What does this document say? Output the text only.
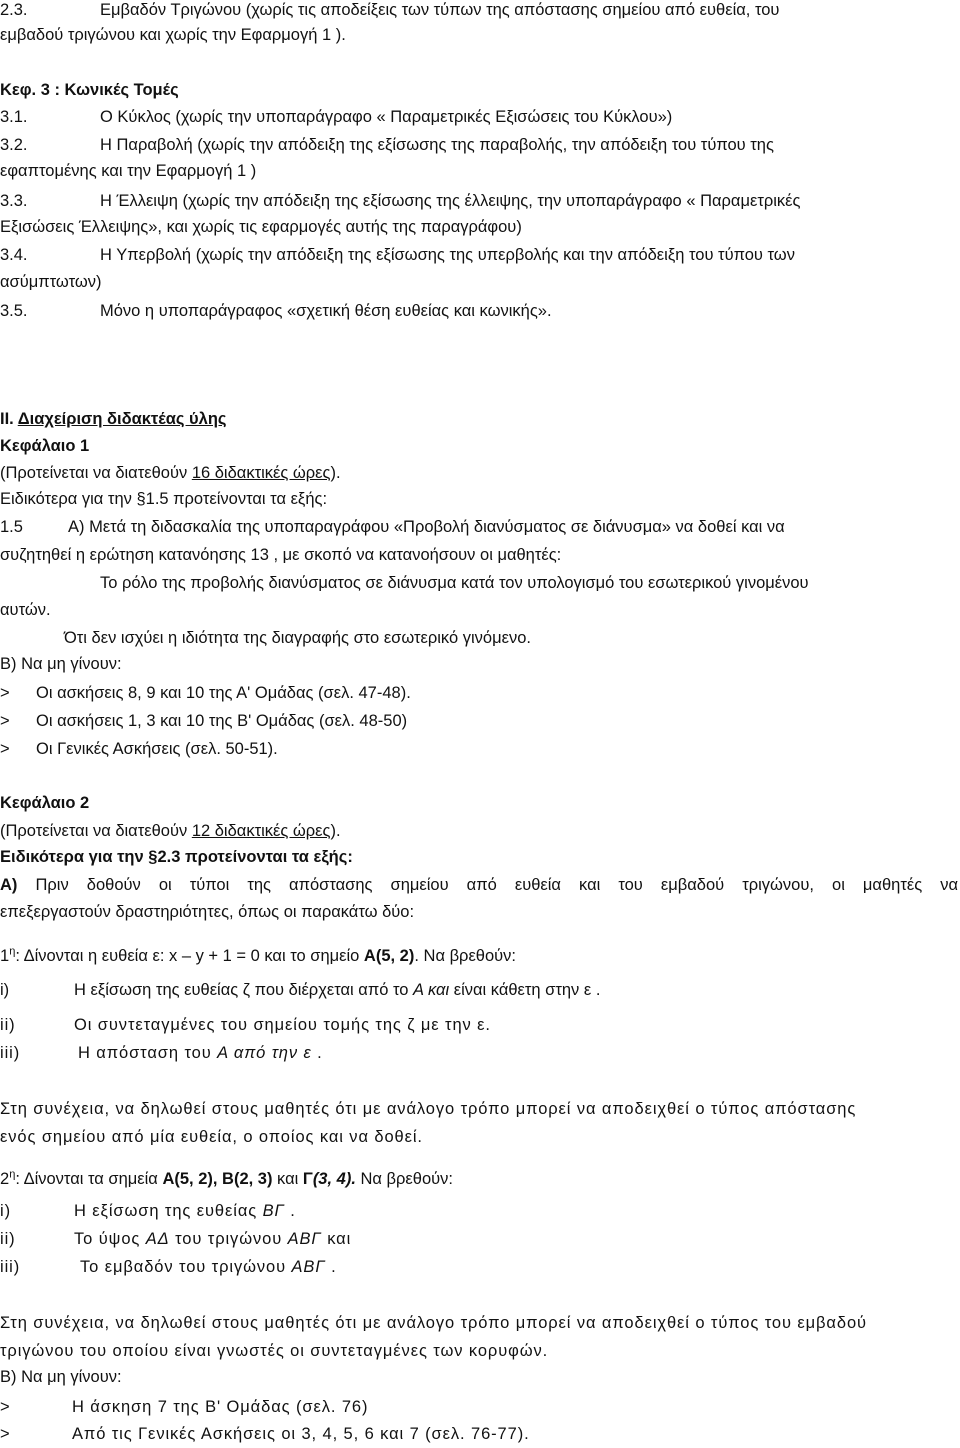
2.3.	Εμβαδόν Τριγώνου (χωρίς τις αποδείξεις των τύπων της απόστασης σημείου από ευθεία, του
εμβαδού τριγώνου και χωρίς την Εφαρμογή 1 ).
Κεφ. 3 : Κωνικές Τομές
3.1.	Ο Κύκλος (χωρίς την υποπαράγραφο « Παραμετρικές Εξισώσεις του Κύκλου»)
3.2.	Η Παραβολή (χωρίς την απόδειξη της εξίσωσης της παραβολής, την απόδειξη του τύπου της
εφαπτομένης και την Εφαρμογή 1 )
3.3.	Η Έλλειψη (χωρίς την απόδειξη της εξίσωσης της έλλειψης, την υποπαράγραφο « Παραμετρικές
Εξισώσεις Έλλειψης», και χωρίς τις εφαρμογές αυτής της παραγράφου)
3.4.	Η Υπερβολή (χωρίς την απόδειξη της εξίσωσης της υπερβολής και την απόδειξη του τύπου των
ασύμπτωτων)
3.5.	Μόνο η υποπαράγραφος «σχετική θέση ευθείας και κωνικής».
ΙΙ. Διαχείριση διδακτέας ύλης
Κεφάλαιο 1
(Προτείνεται να διατεθούν 16 διδακτικές ώρες).
Ειδικότερα για την §1.5 προτείνονται τα εξής:
1.5	Α) Μετά τη διδασκαλία της υποπαραγράφου «Προβολή διανύσματος σε διάνυσμα» να δοθεί και να
συζητηθεί η ερώτηση κατανόησης 13 , με σκοπό να κατανοήσουν οι μαθητές:
Το ρόλο της προβολής διανύσματος σε διάνυσμα κατά τον υπολογισμό του εσωτερικού γινομένου
αυτών.
Ότι δεν ισχύει η ιδιότητα της διαγραφής στο εσωτερικό γινόμενο.
Β) Να μη γίνουν:
> Οι ασκήσεις 8, 9 και 10 της Α' Ομάδας (σελ. 47-48).
> Οι ασκήσεις 1, 3 και 10 της Β' Ομάδας (σελ. 48-50)
> Οι Γενικές Ασκήσεις (σελ. 50-51).
Κεφάλαιο 2
(Προτείνεται να διατεθούν 12 διδακτικές ώρες).
Ειδικότερα για την §2.3 προτείνονται τα εξής:
Α) Πριν δοθούν οι τύποι της απόστασης σημείου από ευθεία και του εμβαδού τριγώνου, οι μαθητές να
επεξεργαστούν δραστηριότητες, όπως οι παρακάτω δύο:
$1^\eta$: Δίνονται η ευθεία ε: x – y + 1 = 0 και το σημείο Α(5, 2). Να βρεθούν:
i)	Η εξίσωση της ευθείας ζ που διέρχεται από το Α και είναι κάθετη στην ε .
ii)	Οι συντεταγμένες του σημείου τομής της ζ με την ε.
iii)	Η απόσταση του Α από την ε .
Στη συνέχεια, να δηλωθεί στους μαθητές ότι με ανάλογο τρόπο μπορεί να αποδειχθεί ο τύπος απόστασης
ενός σημείου από μία ευθεία, ο οποίος και να δοθεί.
$2^\eta$: Δίνονται τα σημεία Α(5, 2), Β(2, 3) και Γ(3, 4). Να βρεθούν:
i)	Η εξίσωση της ευθείας ΒΓ .
ii)	Το ύψος ΑΔ του τριγώνου ΑΒΓ και
iii)	Το εμβαδόν του τριγώνου ΑΒΓ .
Στη συνέχεια, να δηλωθεί στους μαθητές ότι με ανάλογο τρόπο μπορεί να αποδειχθεί ο τύπος του εμβαδού
τριγώνου του οποίου είναι γνωστές οι συντεταγμένες των κορυφών.
Β) Να μη γίνουν:
>	Η άσκηση 7 της Β' Ομάδας (σελ. 76)
>	Από τις Γενικές Ασκήσεις οι 3, 4, 5, 6 και 7 (σελ. 76-77).
